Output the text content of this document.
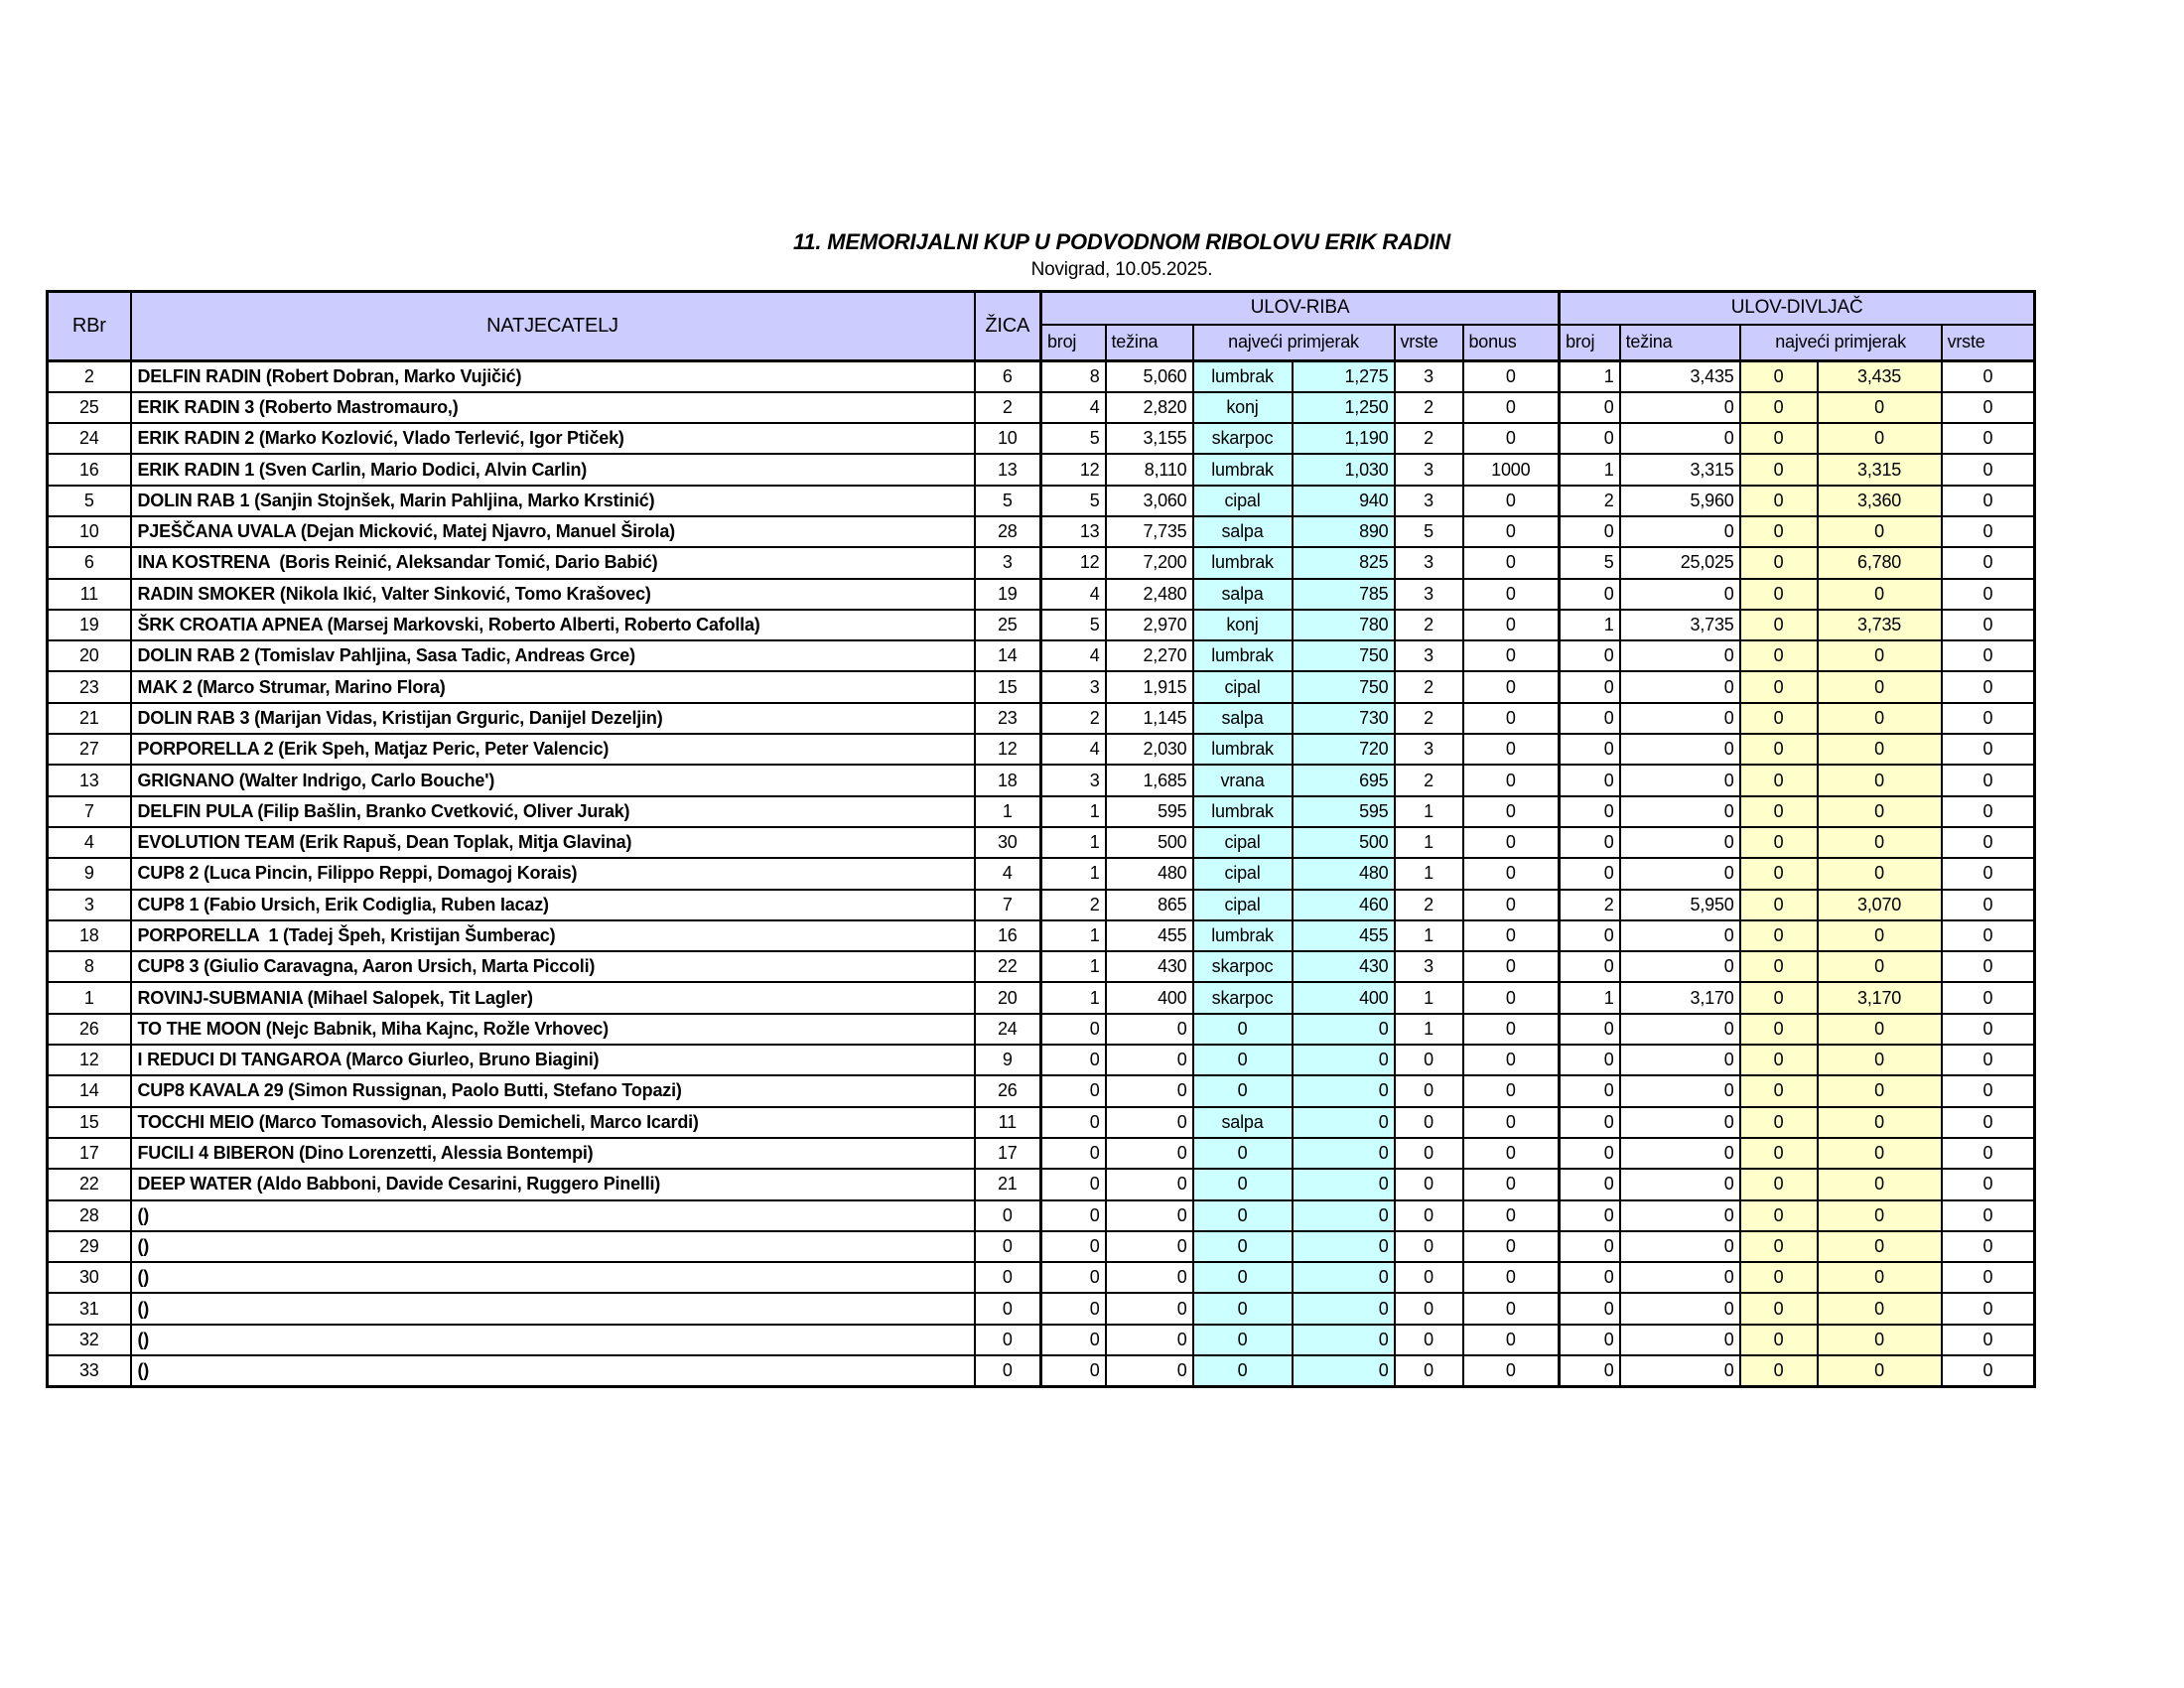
11. MEMORIJALNI KUP U PODVODNOM RIBOLOVU ERIK RADIN
Novigrad, 10.05.2025.
RBr	NATJECATELJ	ŽICA	ULOV-RIBA						ULOV-DIVLJAČ				
			broj	težina	najveći primjerak		vrste	bonus	broj	težina	najveći primjerak		vrste
2	DELFIN RADIN (Robert Dobran, Marko Vujičić)	6	8	5,060	lumbrak	1,275	3	0	1	3,435	0	3,435	0
25	ERIK RADIN 3 (Roberto Mastromauro,)	2	4	2,820	konj	1,250	2	0	0	0	0	0	0
24	ERIK RADIN 2 (Marko Kozlović, Vlado Terlević, Igor Ptiček)	10	5	3,155	skarpoc	1,190	2	0	0	0	0	0	0
16	ERIK RADIN 1 (Sven Carlin, Mario Dodici, Alvin Carlin)	13	12	8,110	lumbrak	1,030	3	1000	1	3,315	0	3,315	0
5	DOLIN RAB 1 (Sanjin Stojnšek, Marin Pahljina, Marko Krstinić)	5	5	3,060	cipal	940	3	0	2	5,960	0	3,360	0
10	PJEŠČANA UVALA (Dejan Micković, Matej Njavro, Manuel Širola)	28	13	7,735	salpa	890	5	0	0	0	0	0	0
6	INA KOSTRENA  (Boris Reinić, Aleksandar Tomić, Dario Babić)	3	12	7,200	lumbrak	825	3	0	5	25,025	0	6,780	0
11	RADIN SMOKER (Nikola Ikić, Valter Sinković, Tomo Krašovec)	19	4	2,480	salpa	785	3	0	0	0	0	0	0
19	ŠRK CROATIA APNEA (Marsej Markovski, Roberto Alberti, Roberto Cafolla)	25	5	2,970	konj	780	2	0	1	3,735	0	3,735	0
20	DOLIN RAB 2 (Tomislav Pahljina, Sasa Tadic, Andreas Grce)	14	4	2,270	lumbrak	750	3	0	0	0	0	0	0
23	MAK 2 (Marco Strumar, Marino Flora)	15	3	1,915	cipal	750	2	0	0	0	0	0	0
21	DOLIN RAB 3 (Marijan Vidas, Kristijan Grguric, Danijel Dezeljin)	23	2	1,145	salpa	730	2	0	0	0	0	0	0
27	PORPORELLA 2 (Erik Speh, Matjaz Peric, Peter Valencic)	12	4	2,030	lumbrak	720	3	0	0	0	0	0	0
13	GRIGNANO (Walter Indrigo, Carlo Bouche')	18	3	1,685	vrana	695	2	0	0	0	0	0	0
7	DELFIN PULA (Filip Bašlin, Branko Cvetković, Oliver Jurak)	1	1	595	lumbrak	595	1	0	0	0	0	0	0
4	EVOLUTION TEAM (Erik Rapuš, Dean Toplak, Mitja Glavina)	30	1	500	cipal	500	1	0	0	0	0	0	0
9	CUP8 2 (Luca Pincin, Filippo Reppi, Domagoj Korais)	4	1	480	cipal	480	1	0	0	0	0	0	0
3	CUP8 1 (Fabio Ursich, Erik Codiglia, Ruben Iacaz)	7	2	865	cipal	460	2	0	2	5,950	0	3,070	0
18	PORPORELLA  1 (Tadej Špeh, Kristijan Šumberac)	16	1	455	lumbrak	455	1	0	0	0	0	0	0
8	CUP8 3 (Giulio Caravagna, Aaron Ursich, Marta Piccoli)	22	1	430	skarpoc	430	3	0	0	0	0	0	0
1	ROVINJ-SUBMANIA (Mihael Salopek, Tit Lagler)	20	1	400	skarpoc	400	1	0	1	3,170	0	3,170	0
26	TO THE MOON (Nejc Babnik, Miha Kajnc, Rožle Vrhovec)	24	0	0	0	0	1	0	0	0	0	0	0
12	I REDUCI DI TANGAROA (Marco Giurleo, Bruno Biagini)	9	0	0	0	0	0	0	0	0	0	0	0
14	CUP8 KAVALA 29 (Simon Russignan, Paolo Butti, Stefano Topazi)	26	0	0	0	0	0	0	0	0	0	0	0
15	TOCCHI MEIO (Marco Tomasovich, Alessio Demicheli, Marco Icardi)	11	0	0	salpa	0	0	0	0	0	0	0	0
17	FUCILI 4 BIBERON (Dino Lorenzetti, Alessia Bontempi)	17	0	0	0	0	0	0	0	0	0	0	0
22	DEEP WATER (Aldo Babboni, Davide Cesarini, Ruggero Pinelli)	21	0	0	0	0	0	0	0	0	0	0	0
28	()	0	0	0	0	0	0	0	0	0	0	0	0
29	()	0	0	0	0	0	0	0	0	0	0	0	0
30	()	0	0	0	0	0	0	0	0	0	0	0	0
31	()	0	0	0	0	0	0	0	0	0	0	0	0
32	()	0	0	0	0	0	0	0	0	0	0	0	0
33	()	0	0	0	0	0	0	0	0	0	0	0	0
